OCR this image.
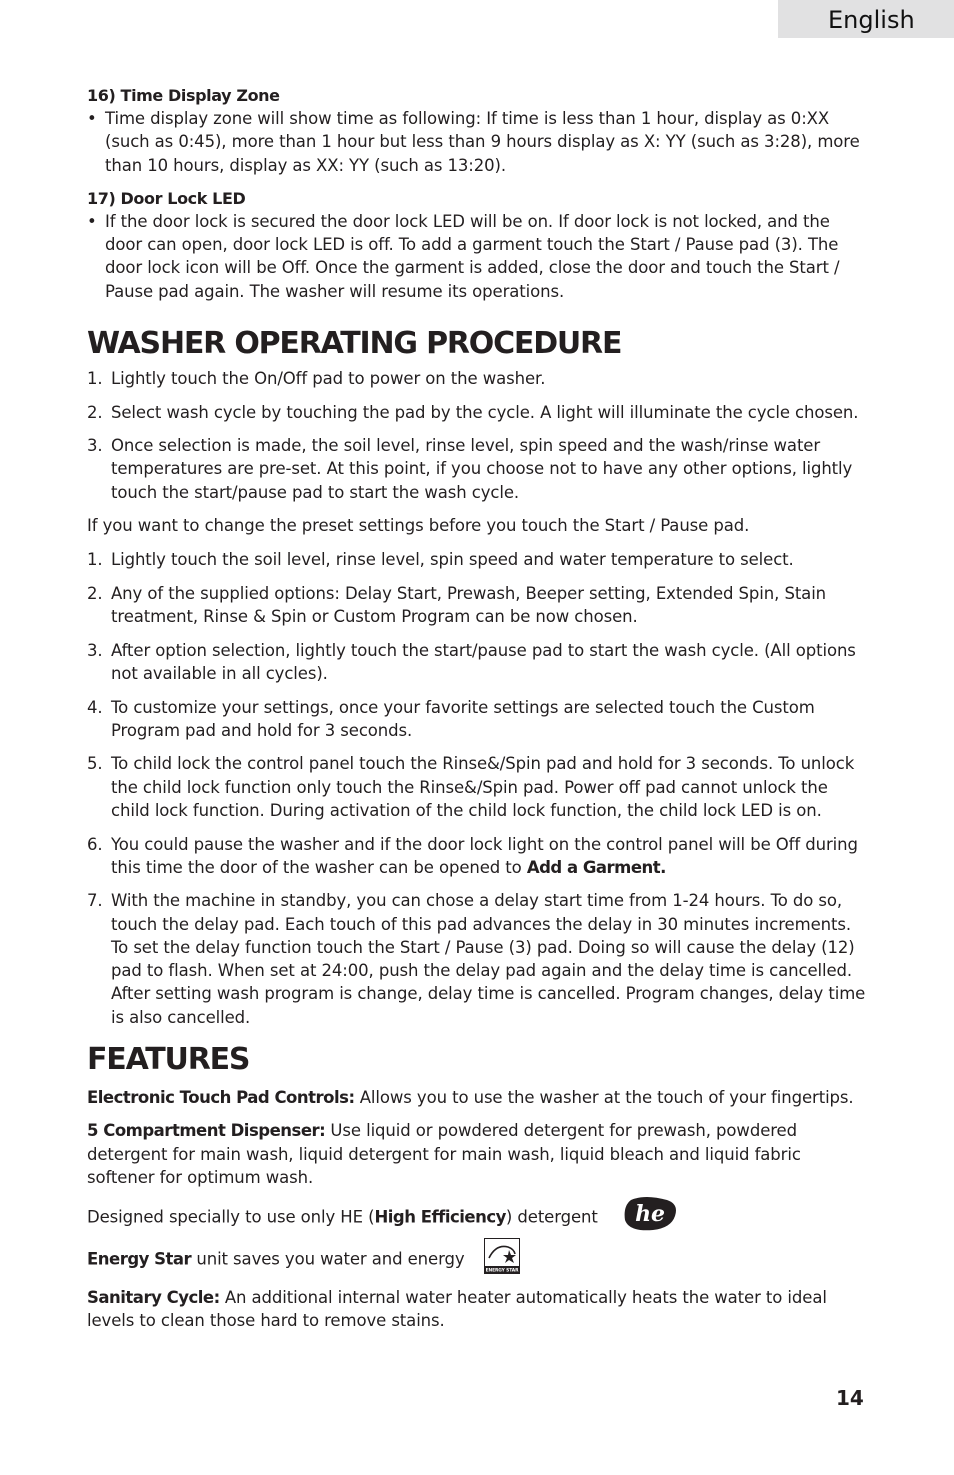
English

16) Time Display Zone

• Time display zone will show time as following: If time is less than 1 hour, display as 0:XX (such as 0:45), more than 1 hour but less than 9 hours display as X: YY (such as 3:28), more than 10 hours, display as XX: YY (such as 13:20).

17) Door Lock LED

• If the door lock is secured the door lock LED will be on. If door lock is not locked, and the door can open, door lock LED is off. To add a garment touch the Start / Pause pad (3). The door lock icon will be Off. Once the garment is added, close the door and touch the Start / Pause pad again. The washer will resume its operations.
WASHER OPERATING PROCEDURE
1. Lightly touch the On/Off pad to power on the washer.
2. Select wash cycle by touching the pad by the cycle. A light will illuminate the cycle chosen.
3. Once selection is made, the soil level, rinse level, spin speed and the wash/rinse water temperatures are pre-set. At this point, if you choose not to have any other options, lightly touch the start/pause pad to start the wash cycle.

If you want to change the preset settings before you touch the Start / Pause pad.

1. Lightly touch the soil level, rinse level, spin speed and water temperature to select.
2. Any of the supplied options: Delay Start, Prewash, Beeper setting, Extended Spin, Stain treatment, Rinse & Spin or Custom Program can be now chosen.
3. After option selection, lightly touch the start/pause pad to start the wash cycle. (All options not available in all cycles).
4. To customize your settings, once your favorite settings are selected touch the Custom Program pad and hold for 3 seconds.
5. To child lock the control panel touch the Rinse&/Spin pad and hold for 3 seconds. To unlock the child lock function only touch the Rinse&/Spin pad. Power off pad cannot unlock the child lock function. During activation of the child lock function, the child lock LED is on.
6. You could pause the washer and if the door lock light on the control panel will be Off during this time the door of the washer can be opened to Add a Garment.
7. With the machine in standby, you can chose a delay start time from 1-24 hours. To do so, touch the delay pad. Each touch of this pad advances the delay in 30 minutes increments. To set the delay function touch the Start / Pause (3) pad. Doing so will cause the delay (12) pad to flash. When set at 24:00, push the delay pad again and the delay time is cancelled. After setting wash program is change, delay time is cancelled. Program changes, delay time is also cancelled.
FEATURES

Electronic Touch Pad Controls: Allows you to use the washer at the touch of your fingertips.

5 Compartment Dispenser: Use liquid or powdered detergent for prewash, powdered detergent for main wash, liquid detergent for main wash, liquid bleach and liquid fabric softener for optimum wash.

Designed specially to use only HE (High Efficiency) detergent he

Energy Star unit saves you water and energy
ENERGY STAR

Sanitary Cycle: An additional internal water heater automatically heats the water to ideal levels to clean those hard to remove stains.

14
